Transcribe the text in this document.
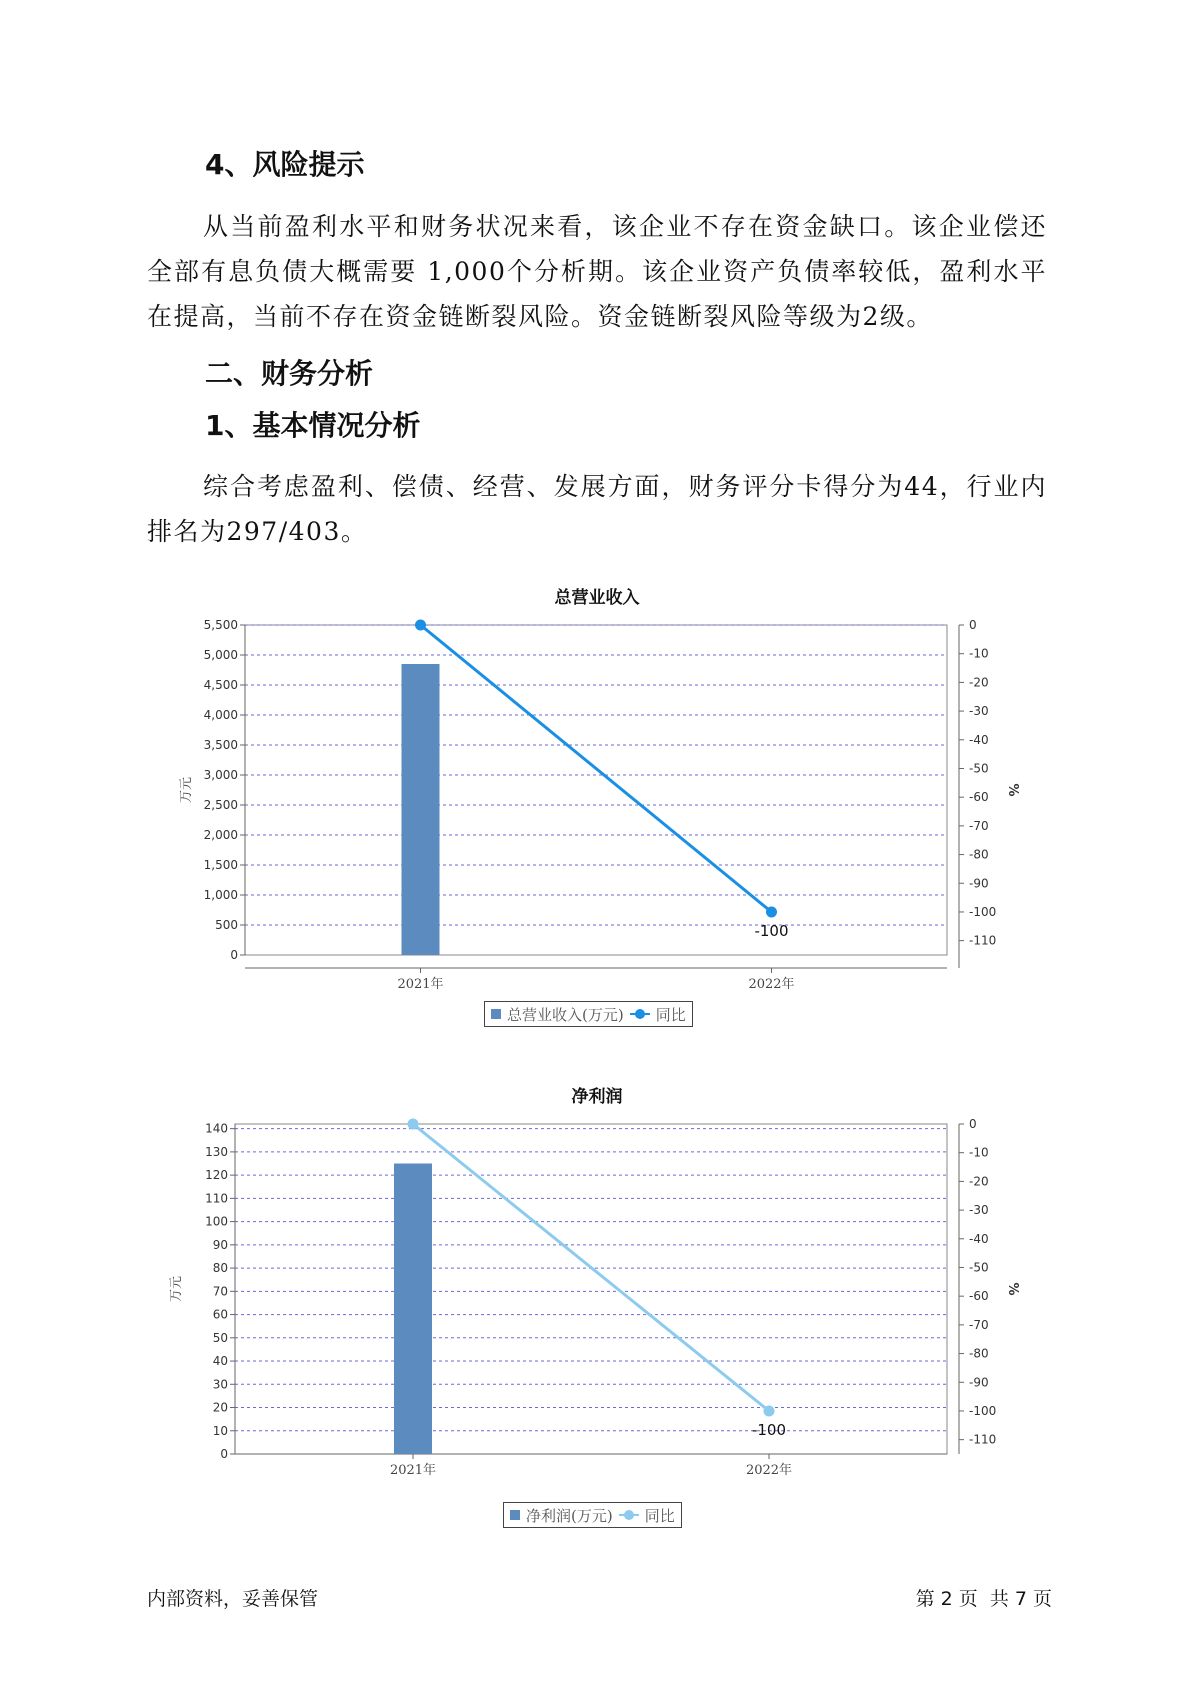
4、风险提示

从当前盈利水平和财务状况来看，该企业不存在资金缺口。该企业偿还全部有息负债大概需要 1,000个分析期。该企业资产负债率较低，盈利水平在提高，当前不存在资金链断裂风险。资金链断裂风险等级为2级。

二、财务分析
1、基本情况分析

综合考虑盈利、偿债、经营、发展方面，财务评分卡得分为44，行业内排名为297/403。

总营业收入
0
500
1,000
1,500
2,000
2,500
3,000
3,500
4,000
4,500
5,000
5,500	0
-10
-20
-30
-40
-50
-60
-70
-80
-90
-100
-110
2021年	2022年
万元	%
-100
总营业收入(万元) 同比
净利润
0
10
20
30
40
50
60
70
80
90
100
110
120
130
140	0
-10
-20
-30
-40
-50
-60
-70
-80
-90
-100
-110
2021年	2022年
万元	%
-100
净利润(万元) 同比
内部资料，妥善保管	第 2 页  共 7 页
